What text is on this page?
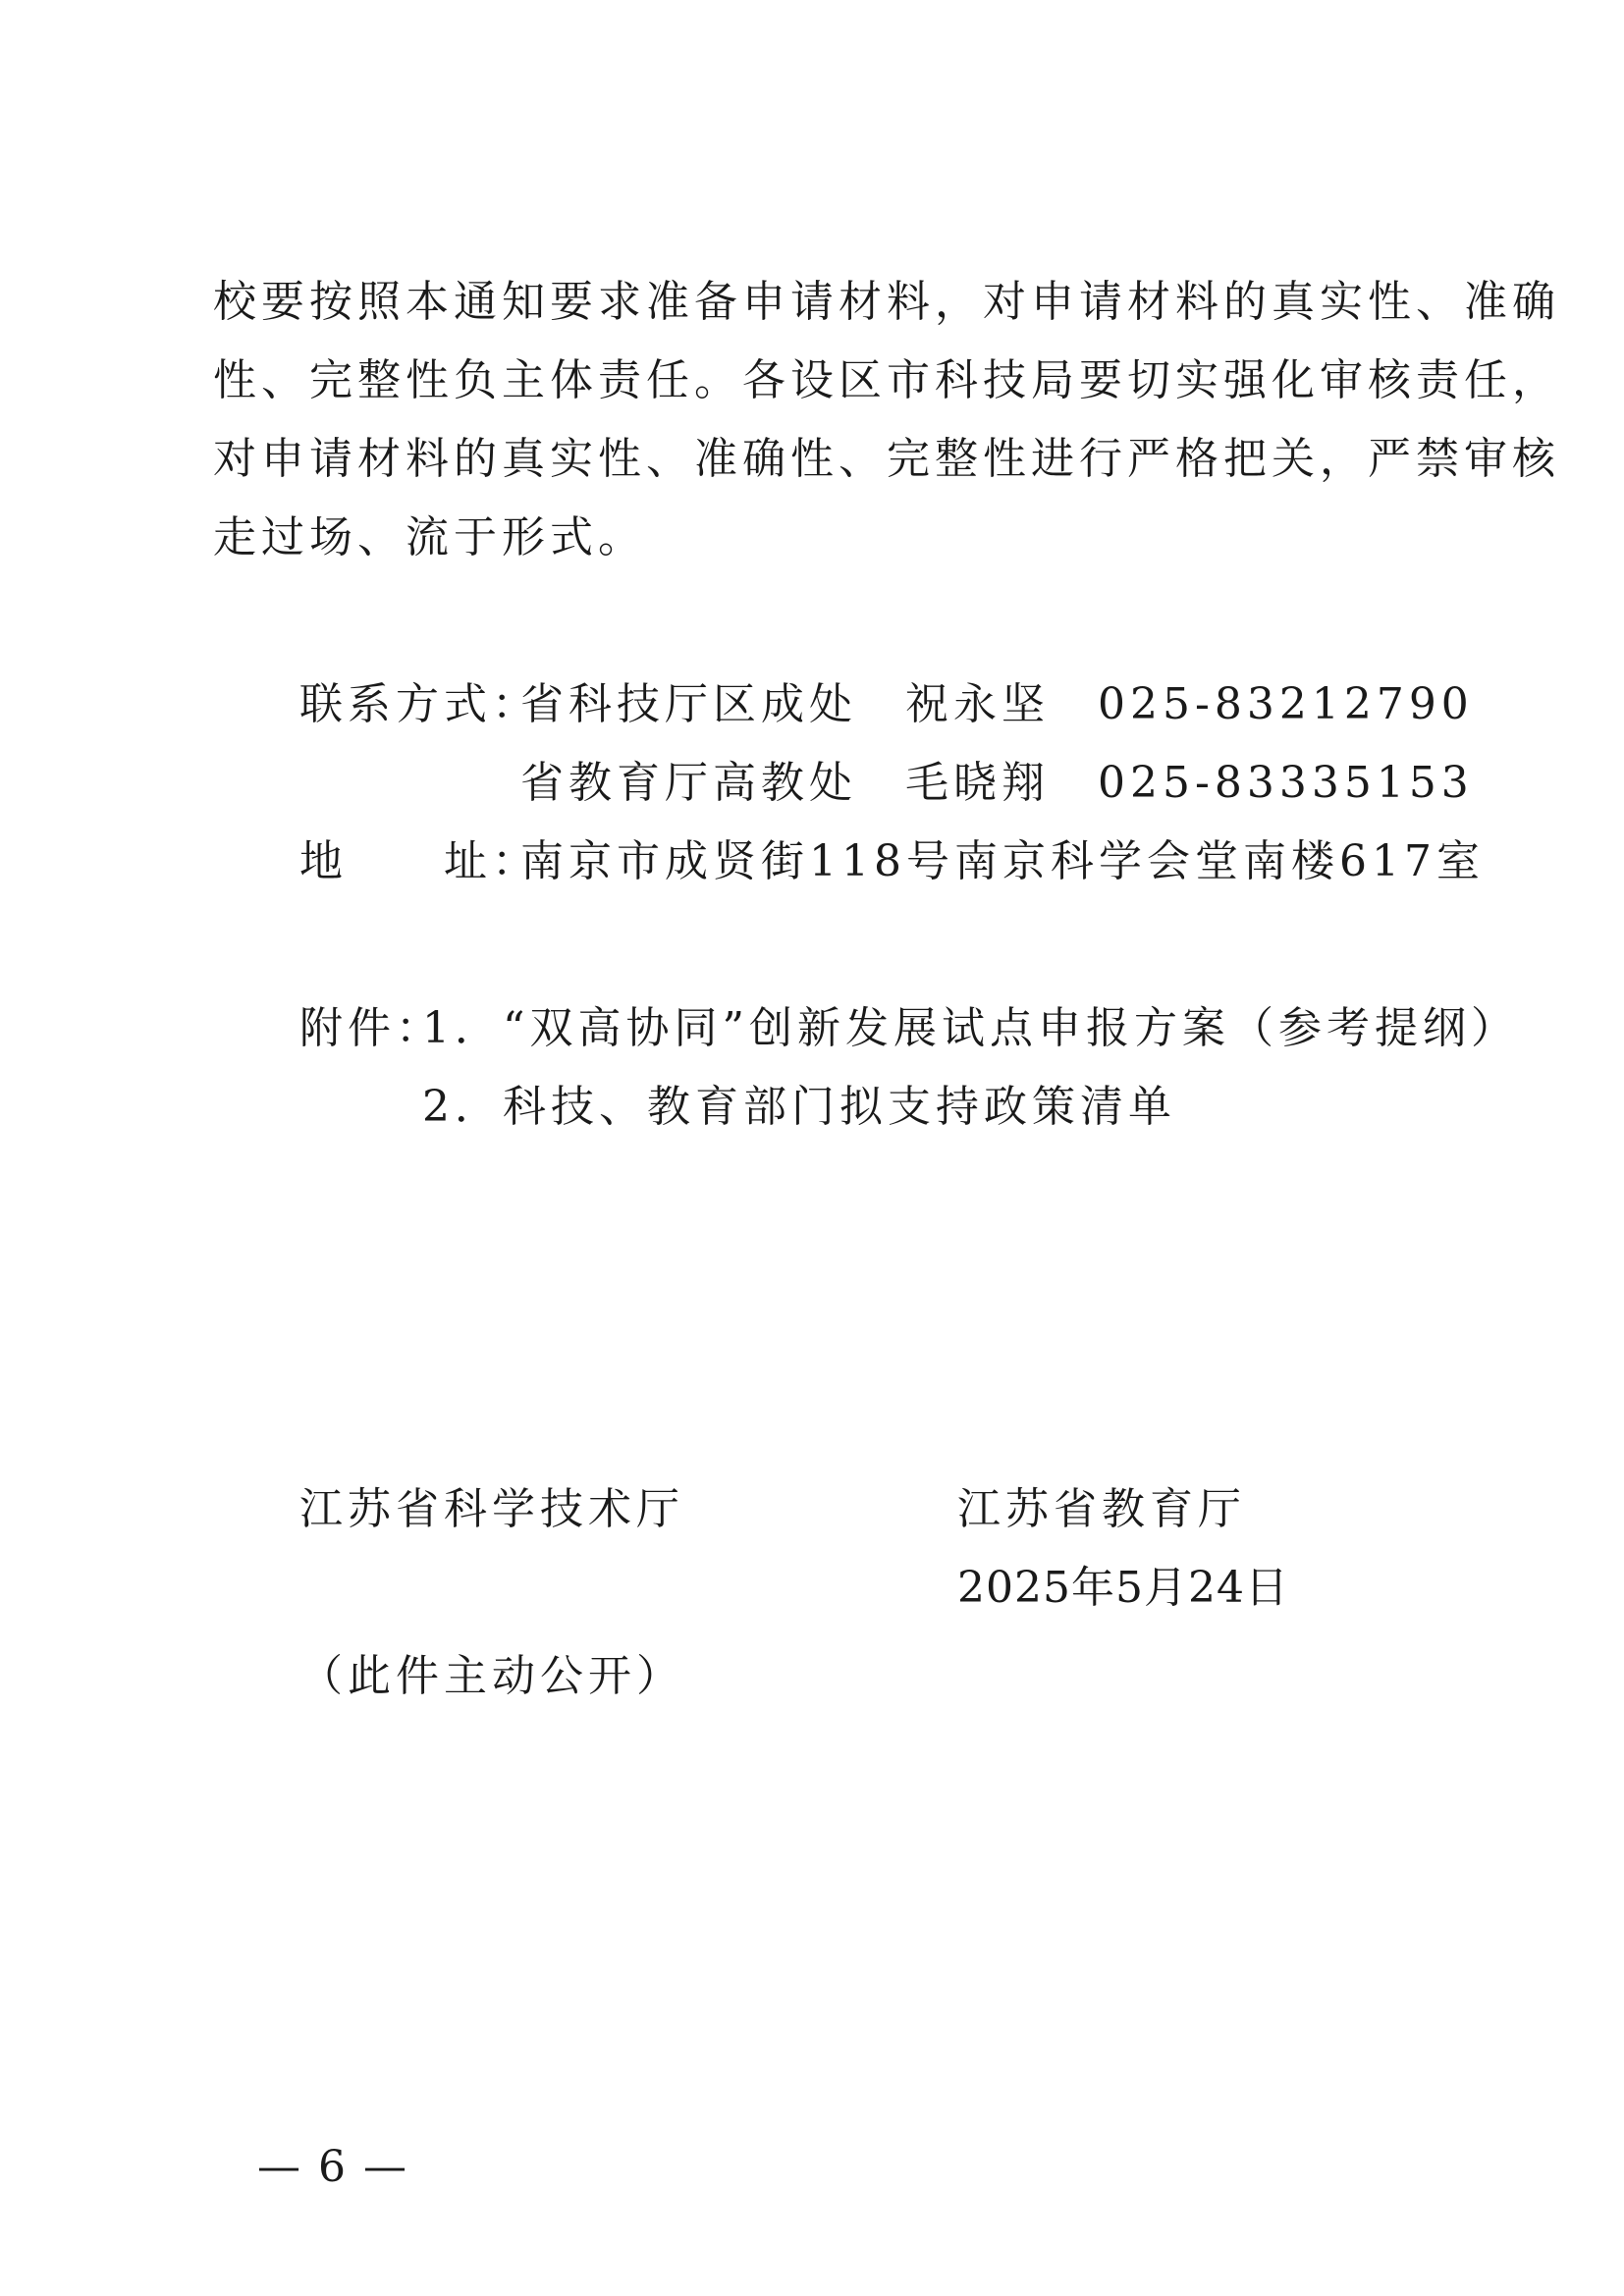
校要按照本通知要求准备申请材料，对申请材料的真实性、准确
性、完整性负主体责任。各设区市科技局要切实强化审核责任，
对申请材料的真实性、准确性、完整性进行严格把关，严禁审核
走过场、流于形式。
联系方式：
省科技厅区成处　祝永坚　025-83212790
省教育厅高教处　毛晓翔　025-83335153
地　　址：
南京市成贤街118号南京科学会堂南楼617室
附件：
1．“双高协同”创新发展试点申报方案（参考提纲）
2．科技、教育部门拟支持政策清单
江苏省科学技术厅	江苏省教育厅
2025年5月24日
（此件主动公开）
— 6 —
